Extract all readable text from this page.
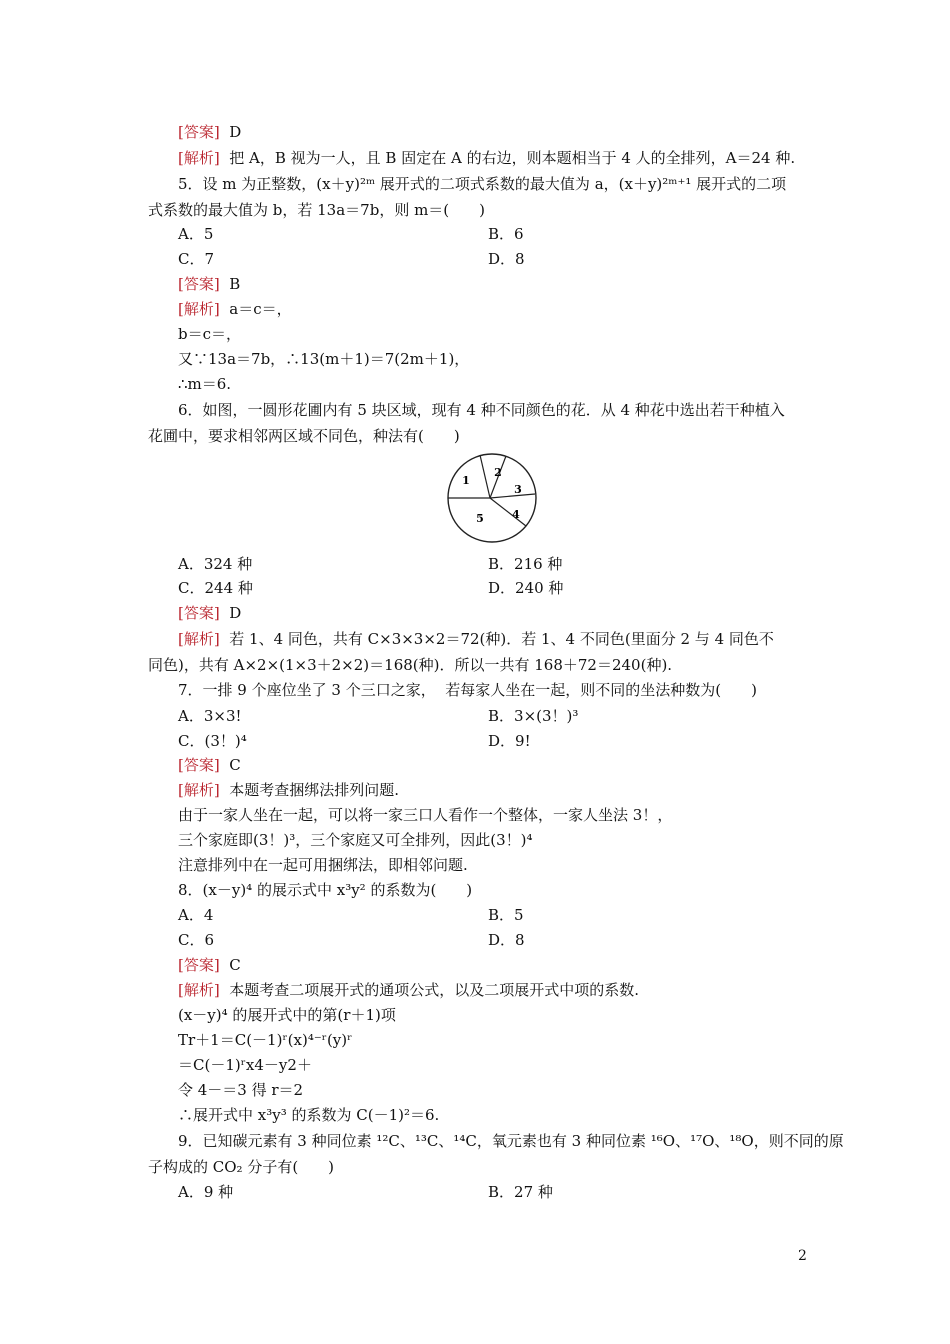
[答案]  D
[解析]  把 A，B 视为一人，且 B 固定在 A 的右边，则本题相当于 4 人的全排列，A＝24 种.
5．设 m 为正整数，(x＋y)²ᵐ 展开式的二项式系数的最大值为 a，(x＋y)²ᵐ⁺¹ 展开式的二项
式系数的最大值为 b，若 13a＝7b，则 m＝(　　)
A．5	B．6
C．7	D．8
[答案]  B
[解析]  a＝c＝，
b＝c＝，
又∵13a＝7b，∴13(m＋1)＝7(2m＋1)，
∴m＝6.
6．如图，一圆形花圃内有 5 块区域，现有 4 种不同颜色的花．从 4 种花中选出若干种植入
花圃中，要求相邻两区域不同色，种法有(　　)
1
2
3
4
5
A．324 种	B．216 种
C．244 种	D．240 种
[答案]  D
[解析]  若 1、4 同色，共有 C×3×3×2＝72(种)．若 1、4 不同色(里面分 2 与 4 同色不
同色)，共有 A×2×(1×3＋2×2)＝168(种)．所以一共有 168＋72＝240(种).
7．一排 9 个座位坐了 3 个三口之家，  若每家人坐在一起，则不同的坐法种数为(　　)
A．3×3!	B．3×(3！)³
C．(3！)⁴	D．9!
[答案]  C
[解析]  本题考查捆绑法排列问题.
由于一家人坐在一起，可以将一家三口人看作一个整体，一家人坐法 3！，
三个家庭即(3！)³，三个家庭又可全排列，因此(3！)⁴
注意排列中在一起可用捆绑法，即相邻问题.
8．(x－y)⁴ 的展示式中 x³y² 的系数为(　　)
A．4	B．5
C．6	D．8
[答案]  C
[解析]  本题考查二项展开式的通项公式，以及二项展开式中项的系数.
(x－y)⁴ 的展开式中的第(r＋1)项
Tr＋1＝C(－1)ʳ(x)⁴⁻ʳ(y)ʳ
＝C(－1)ʳx4－y2＋
令 4－＝3 得 r＝2
∴展开式中 x³y³ 的系数为 C(－1)²＝6.
9．已知碳元素有 3 种同位素 ¹²C、¹³C、¹⁴C，氧元素也有 3 种同位素 ¹⁶O、¹⁷O、¹⁸O，则不同的原
子构成的 CO₂ 分子有(　　)
A．9 种	B．27 种
2
